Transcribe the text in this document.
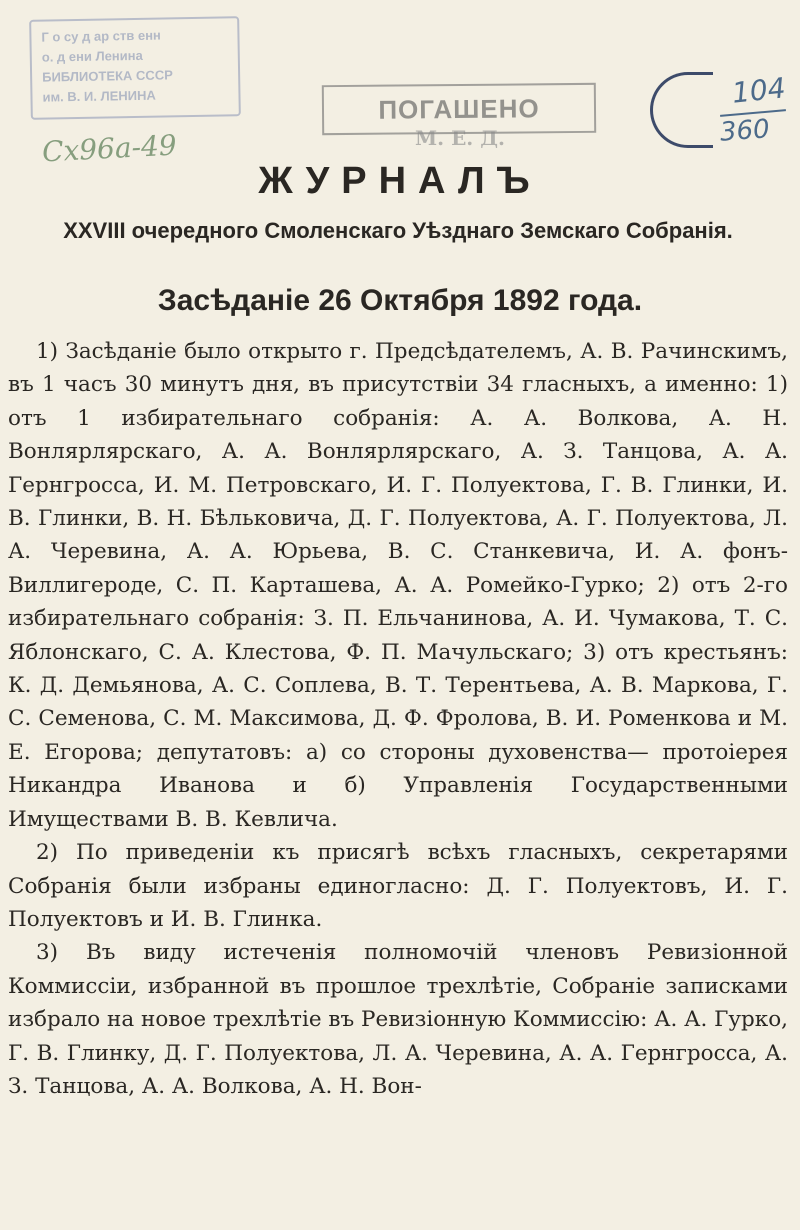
Г о су д ар ств енн
о. д ени Ленина
БИБЛИОТЕКА СССР
им. В. И. ЛЕНИНА	ПОГАШЕНО
М. Е. Д.
Сх96а-49
104
360
ЖУРНАЛЪ
XXVIII очередного Смоленскаго Уѣзднаго Земскаго Собранія.
Засѣданіе 26 Октября 1892 года.

1) Засѣданіе было открыто г. Предсѣдателемъ, А. В. Рачинскимъ, въ 1 часъ 30 минутъ дня, въ присутствіи 34 гласныхъ, а именно: 1) отъ 1 избирательнаго собранія: А. А. Волкова, А. Н. Вонлярлярскаго, А. А. Вонлярлярскаго, А. З. Танцова, А. А. Гернгросса, И. М. Петровскаго, И. Г. Полуектова, Г. В. Глинки, И. В. Глинки, В. Н. Бѣльковича, Д. Г. Полуектова, А. Г. Полуектова, Л. А. Черевина, А. А. Юрьева, В. С. Станкевича, И. А. фонъ-Виллигероде, С. П. Карташева, А. А. Ромейко-Гурко; 2) отъ 2-го избирательнаго собранія: З. П. Ельчанинова, А. И. Чумакова, Т. С. Яблонскаго, С. А. Клестова, Ф. П. Мачульскаго; 3) отъ крестьянъ: К. Д. Демьянова, А. С. Соплева, В. Т. Терентьева, А. В. Маркова, Г. С. Семенова, С. М. Максимова, Д. Ф. Фролова, В. И. Роменкова и М. Е. Егорова; депутатовъ: а) со стороны духовенства— протоіерея Никандра Иванова и б) Управленія Государственными Имуществами В. В. Кевлича.

2) По приведеніи къ присягѣ всѣхъ гласныхъ, секретарями Собранія были избраны единогласно: Д. Г. Полуектовъ, И. Г. Полуектовъ и И. В. Глинка.

3) Въ виду истеченія полномочій членовъ Ревизіонной Коммиссіи, избранной въ прошлое трехлѣтіе, Собраніе записками избрало на новое трехлѣтіе въ Ревизіонную Коммиссію: А. А. Гурко, Г. В. Глинку, Д. Г. Полуектова, Л. А. Черевина, А. А. Гернгросса, А. З. Танцова, А. А. Волкова, А. Н. Вон-
